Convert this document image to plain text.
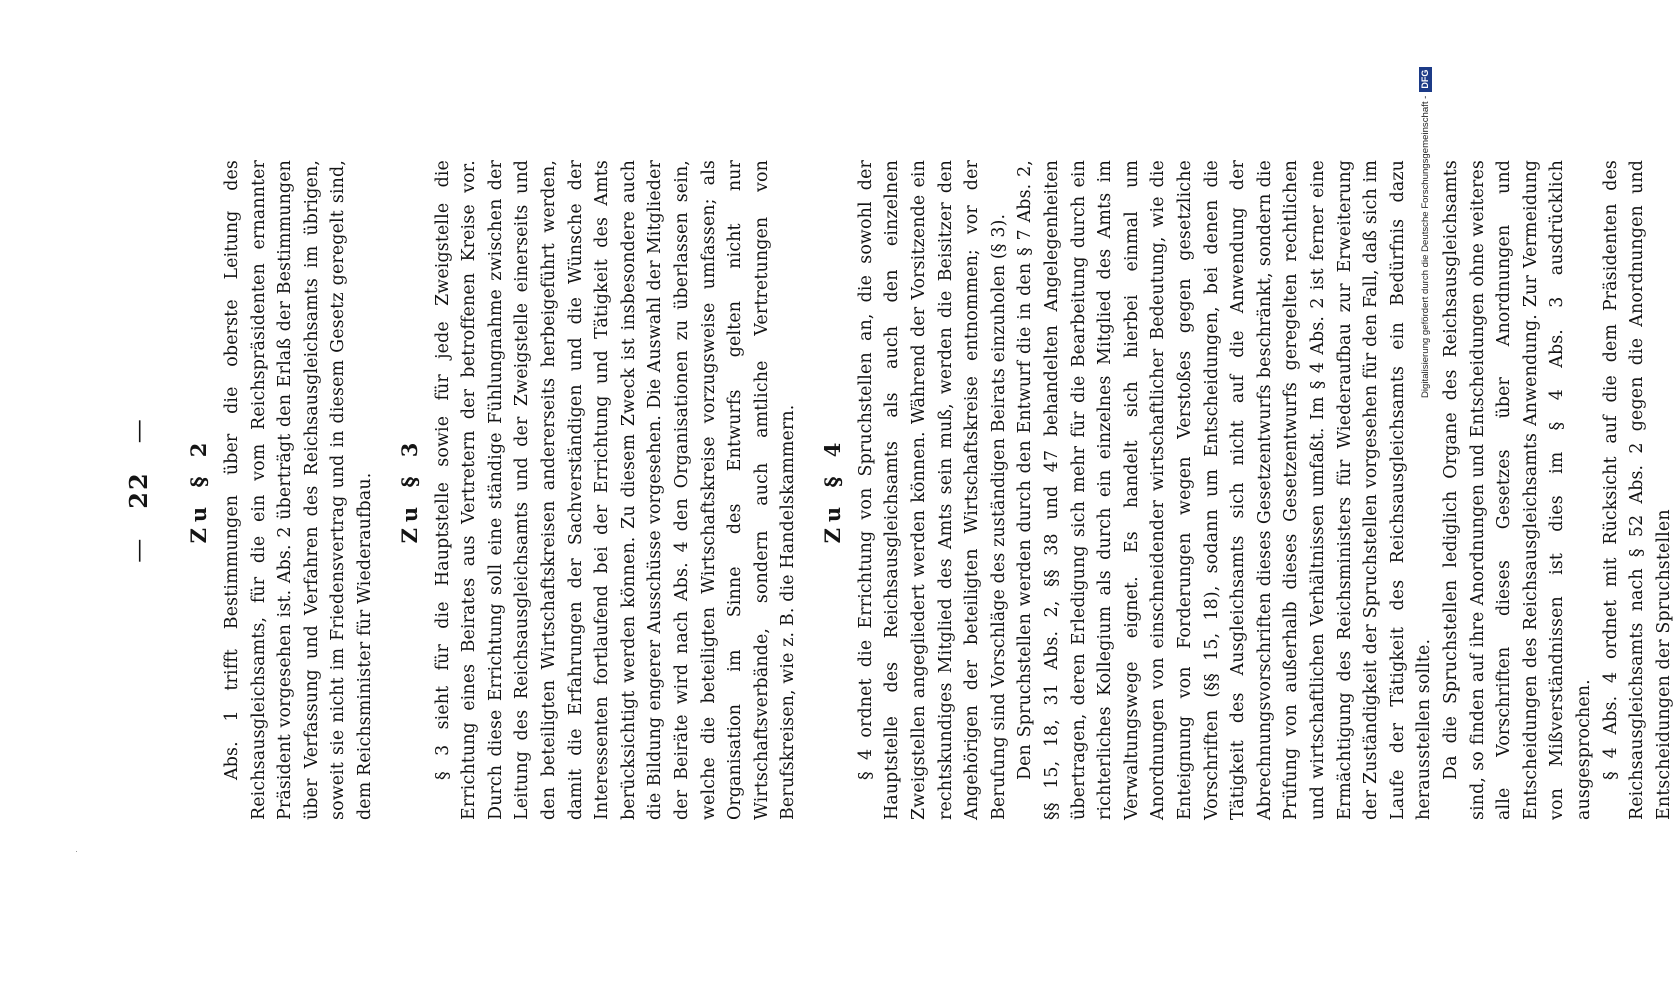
—
22
—
Zu § 2 Abs. 1 trifft Bestimmungen über die oberste Leitung des Reichsausgleichsamts, für die ein vom Reichspräsidenten ernannter Präsident vorgesehen ist. Abs. 2 überträgt den Erlaß der Bestimmungen über Verfassung und Verfahren des Reichsausgleichsamts im übrigen, soweit sie nicht im Friedensvertrag und in diesem Gesetz geregelt sind, dem Reichsminister für Wiederaufbau. Zu § 3 § 3 sieht für die Hauptstelle sowie für jede Zweigstelle die Errichtung eines Beirates aus Vertretern der betroffenen Kreise vor. Durch diese Errichtung soll eine ständige Fühlungnahme zwischen der Leitung des Reichsausgleichsamts und der Zweigstelle einerseits und den beteiligten Wirtschaftskreisen andererseits herbeigeführt werden, damit die Erfahrungen der Sachverständigen und die Wünsche der Interessenten fortlaufend bei der Errichtung und Tätigkeit des Amts berücksichtigt werden können. Zu diesem Zweck ist insbesondere auch die Bildung engerer Ausschüsse vorgesehen. Die Auswahl der Mitglieder der Beiräte wird nach Abs. 4 den Organisationen zu überlassen sein, welche die beteiligten Wirtschaftskreise vorzugsweise umfassen; als Organisation im Sinne des Entwurfs gelten nicht nur Wirtschaftsverbände, sondern auch amtliche Vertretungen von Berufskreisen, wie z. B. die Handelskammern. Zu § 4 § 4 ordnet die Errichtung von Spruchstellen an, die sowohl der Hauptstelle des Reichsausgleichsamts als auch den einzelnen Zweigstellen angegliedert werden können. Während der Vorsitzende ein rechtskundiges Mitglied des Amts sein muß, werden die Beisitzer den Angehörigen der beteiligten Wirtschaftskreise entnommen; vor der Berufung sind Vorschläge des zuständigen Beirats einzuholen (§ 3). Den Spruchstellen werden durch den Entwurf die in den § 7 Abs. 2, §§ 15, 18, 31 Abs. 2, §§ 38 und 47 behandelten Angelegenheiten übertragen, deren Erledigung sich mehr für die Bearbeitung durch ein richterliches Kollegium als durch ein einzelnes Mitglied des Amts im Verwaltungswege eignet. Es handelt sich hierbei einmal um Anordnungen von einschneidender wirtschaftlicher Bedeutung, wie die Enteignung von Forderungen wegen Verstoßes gegen gesetzliche Vorschriften (§§ 15, 18), sodann um Entscheidungen, bei denen die Tätigkeit des Ausgleichsamts sich nicht auf die Anwendung der Abrechnungsvorschriften dieses Gesetzentwurfs beschränkt, sondern die Prüfung von außerhalb dieses Gesetzentwurfs geregelten rechtlichen und wirtschaftlichen Verhältnissen umfaßt. Im § 4 Abs. 2 ist ferner eine Ermächtigung des Reichsministers für Wiederaufbau zur Erweiterung der Zuständigkeit der Spruchstellen vorgesehen für den Fall, daß sich im Laufe der Tätigkeit des Reichsausgleichsamts ein Bedürfnis dazu herausstellen sollte. Da die Spruchstellen lediglich Organe des Reichsausgleichsamts sind, so finden auf ihre Anordnungen und Entscheidungen ohne weiteres alle Vorschriften dieses Gesetzes über Anordnungen und Entscheidungen des Reichsausgleichsamts Anwendung. Zur Vermeidung von Mißverständnissen ist dies im § 4 Abs. 3 ausdrücklich ausgesprochen. § 4 Abs. 4 ordnet mit Rücksicht auf die dem Präsidenten des Reichsausgleichsamts nach § 52 Abs. 2 gegen die Anordnungen und Entscheidungen der Spruchstellen

Digitalisierung gefördert durch die Deutsche Forschungsgemeinschaft -
DFG
